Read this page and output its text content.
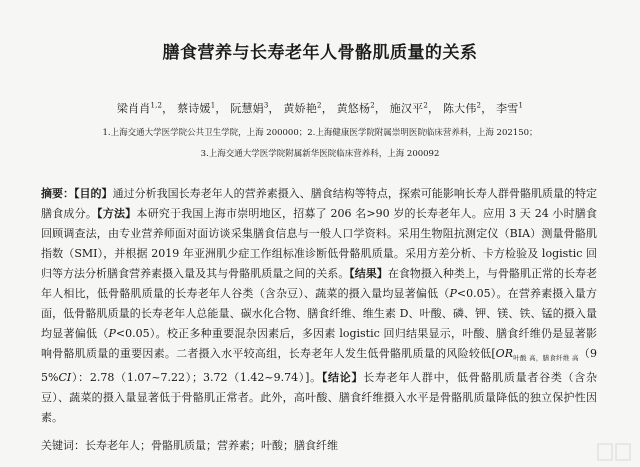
膳食营养与长寿老年人骨骼肌质量的关系
梁肖肖$^{1,2}$， 蔡诗媛$^1$， 阮慧娟$^3$， 黄娇艳$^2$， 黄悠杨$^2$， 施汉平$^2$， 陈大伟$^2$， 李雪$^1$
1.上海交通大学医学院公共卫生学院，上海 200000；2.上海健康医学院附属崇明医院临床营养科，上海 202150；
3.上海交通大学医学院附属新华医院临床营养科，上海 200092

摘要：【目的】通过分析我国长寿老年人的营养素摄入、膳食结构等特点，探索可能影响长寿人群骨骼肌质量的特定膳食成分。【方法】本研究于我国上海市崇明地区，招募了 206 名>90 岁的长寿老年人。应用 3 天 24 小时膳食回顾调查法，由专业营养师面对面访谈采集膳食信息与一般人口学资料。采用生物阻抗测定仪（BIA）测量骨骼肌指数（SMI），并根据 2019 年亚洲肌少症工作组标准诊断低骨骼肌质量。采用方差分析、卡方检验及 logistic 回归等方法分析膳食营养素摄入量及其与骨骼肌质量之间的关系。【结果】在食物摄入种类上，与骨骼肌正常的长寿老年人相比，低骨骼肌质量的长寿老年人谷类（含杂豆）、蔬菜的摄入量均显著偏低（P<0.05）。在营养素摄入量方面，低骨骼肌质量的长寿老年人总能量、碳水化合物、膳食纤维、维生素 D、叶酸、磷、钾、镁、铁、锰的摄入量均显著偏低（P<0.05）。校正多种重要混杂因素后，多因素 logistic 回归结果显示，叶酸、膳食纤维仍是显著影响骨骼肌质量的重要因素。二者摄入水平较高组，长寿老年人发生低骨骼肌质量的风险较低[$OR_{叶酸 高,膳食纤维 高}(95\%CI)$：2.78（1.07~7.22）；3.72（1.42~9.74）]。【结论】长寿老年人群中，低骨骼肌质量者谷类（含杂豆）、蔬菜的摄入量显著低于骨骼肌正常者。此外，高叶酸、膳食纤维摄入水平是骨骼肌质量降低的独立保护性因素。

关键词：长寿老年人；骨骼肌质量；营养素；叶酸；膳食纤维
